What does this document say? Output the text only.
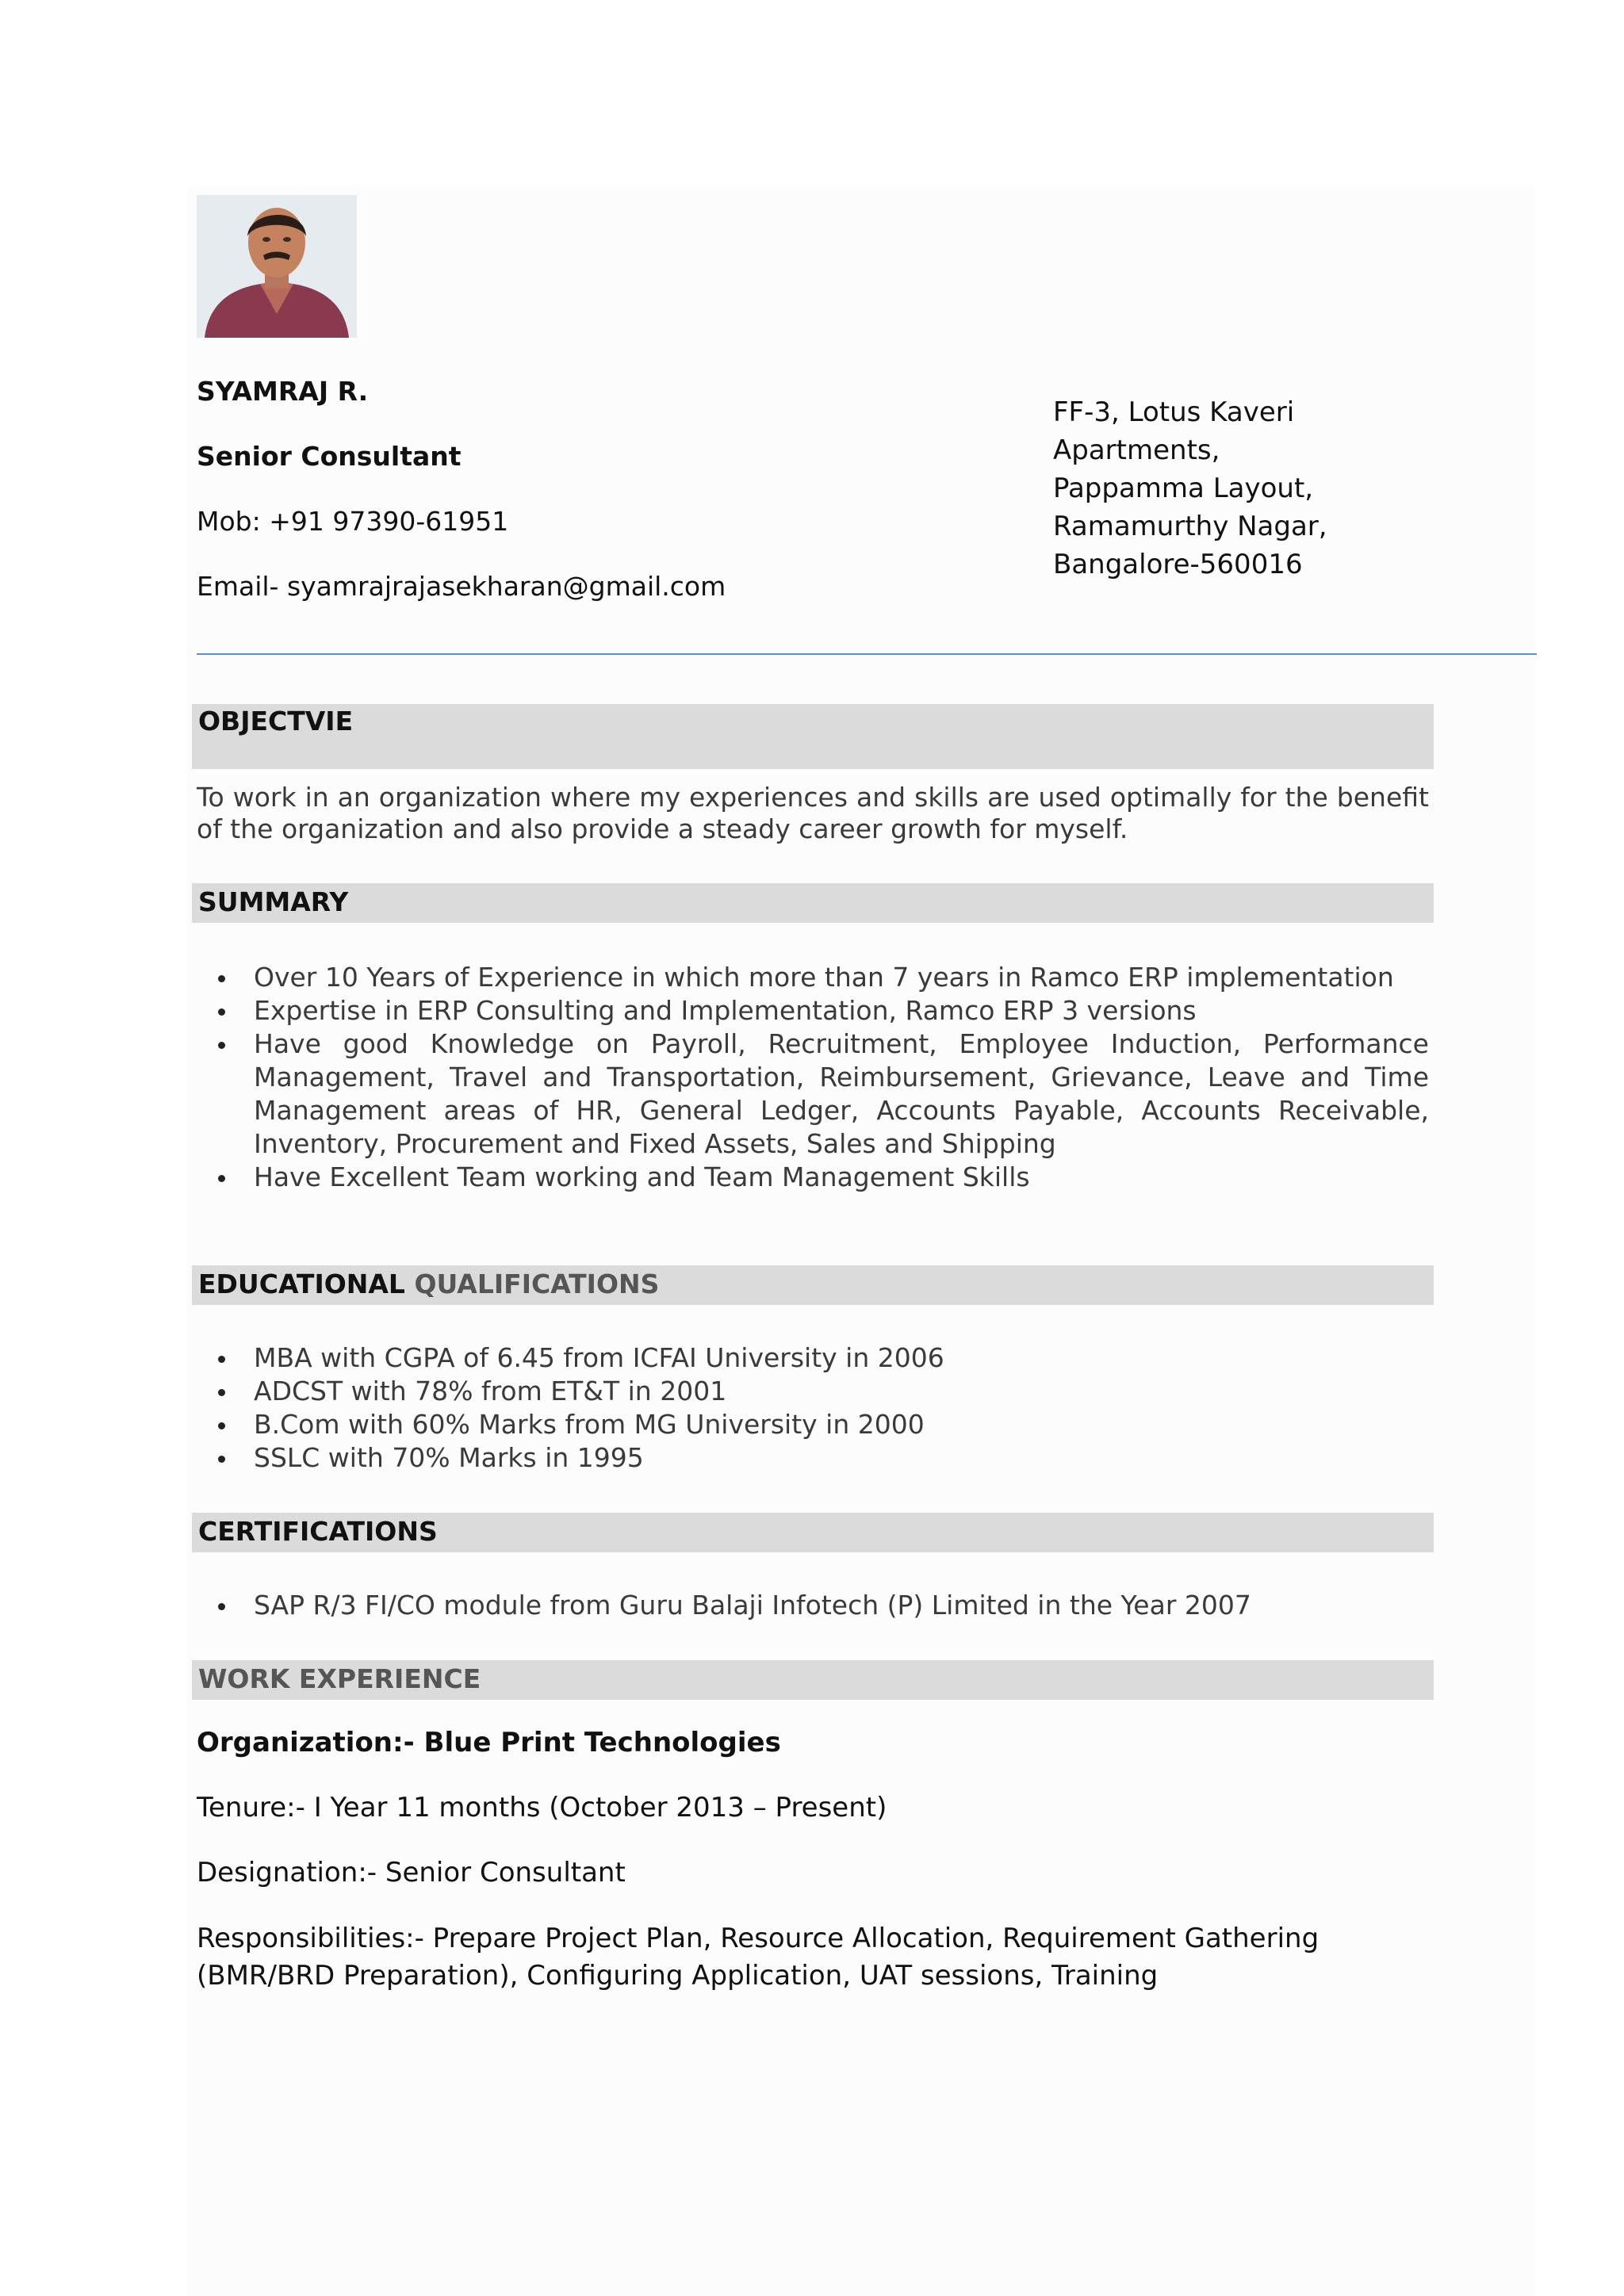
SYAMRAJ R.
Senior Consultant
Mob: +91 97390-61951
Email- syamrajrajasekharan@gmail.com
FF-3, Lotus Kaveri
Apartments,
Pappamma Layout,
Ramamurthy Nagar,
Bangalore-560016
OBJECTVIE
To work in an organization where my experiences and skills are used optimally for the benefit of the organization and also provide a steady career growth for myself.
SUMMARY
Over 10 Years of Experience in which more than 7 years in Ramco ERP implementation
Expertise in ERP Consulting and Implementation, Ramco ERP 3 versions
Have good Knowledge on Payroll, Recruitment, Employee Induction, Performance Management, Travel and Transportation, Reimbursement, Grievance, Leave and Time Management areas of HR, General Ledger, Accounts Payable, Accounts Receivable, Inventory, Procurement and Fixed Assets, Sales and Shipping
Have Excellent Team working and Team Management Skills
EDUCATIONAL QUALIFICATIONS
MBA with CGPA of 6.45 from ICFAI University in 2006
ADCST with 78% from ET&T in 2001
B.Com with 60% Marks from MG University in 2000
SSLC with 70% Marks in 1995
CERTIFICATIONS
SAP R/3 FI/CO module from Guru Balaji Infotech (P) Limited in the Year 2007
WORK EXPERIENCE
Organization:- Blue Print Technologies
Tenure:- I Year 11 months (October 2013 – Present)
Designation:- Senior Consultant
Responsibilities:- Prepare Project Plan, Resource Allocation, Requirement Gathering (BMR/BRD Preparation), Configuring Application, UAT sessions, Training
